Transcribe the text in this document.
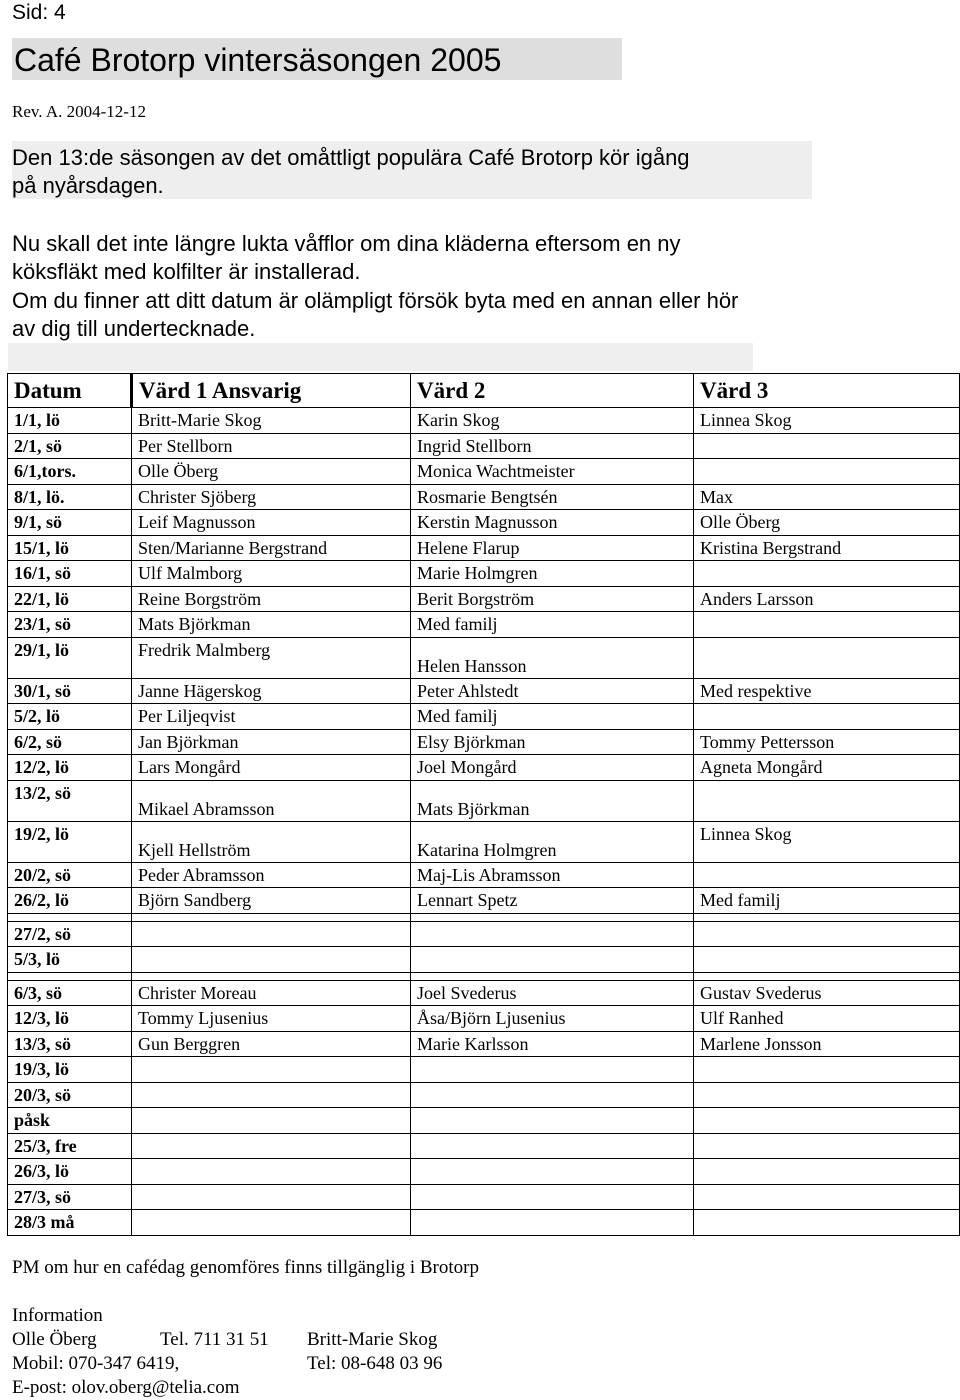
Sid: 4
Café Brotorp vintersäsongen 2005
Rev. A. 2004-12-12
Den 13:de säsongen av det omåttligt populära Café Brotorp kör igång
på nyårsdagen.
Nu skall det inte längre lukta våfflor om dina kläderna eftersom en ny
köksfläkt med kolfilter är installerad.
Om du finner att ditt datum är olämpligt försök byta med en annan eller hör
av dig till undertecknade.
Datum	Värd 1 Ansvarig	Värd 2	Värd 3
1/1, lö	Britt-Marie Skog	Karin Skog	Linnea Skog
2/1, sö	Per Stellborn	Ingrid Stellborn	
6/1,tors.	Olle Öberg	Monica Wachtmeister	
8/1, lö.	Christer Sjöberg	Rosmarie Bengtsén	Max
9/1, sö	Leif Magnusson	Kerstin Magnusson	Olle Öberg
15/1, lö	Sten/Marianne Bergstrand	Helene Flarup	Kristina Bergstrand
16/1, sö	Ulf Malmborg	Marie Holmgren	
22/1, lö	Reine Borgström	Berit Borgström	Anders Larsson
23/1, sö	Mats Björkman	Med familj	
29/1, lö	Fredrik Malmberg	Helen Hansson	
30/1, sö	Janne Hägerskog	Peter Ahlstedt	Med respektive
5/2, lö	Per Liljeqvist	Med familj	
6/2, sö	Jan Björkman	Elsy Björkman	Tommy Pettersson
12/2, lö	Lars Mongård	Joel Mongård	Agneta Mongård
13/2, sö	Mikael Abramsson	Mats Björkman	
19/2, lö	Kjell Hellström	Katarina Holmgren	Linnea Skog
20/2, sö	Peder Abramsson	Maj-Lis Abramsson	
26/2, lö	Björn Sandberg	Lennart Spetz	Med familj

27/2, sö			
5/3, lö			

6/3, sö	Christer Moreau	Joel Svederus	Gustav Svederus
12/3, lö	Tommy Ljusenius	Åsa/Björn Ljusenius	Ulf Ranhed
13/3, sö	Gun Berggren	Marie Karlsson	Marlene Jonsson
19/3, lö			
20/3, sö			
påsk			
25/3, fre			
26/3, lö			
27/3, sö			
28/3 må			
PM om hur en cafédag genomföres finns tillgänglig i Brotorp
Information
Olle Öberg	Tel. 711 31 51 Britt-Marie Skog
Mobil: 070-347 6419,	Tel: 08-648 03 96
E-post: olov.oberg@telia.com
